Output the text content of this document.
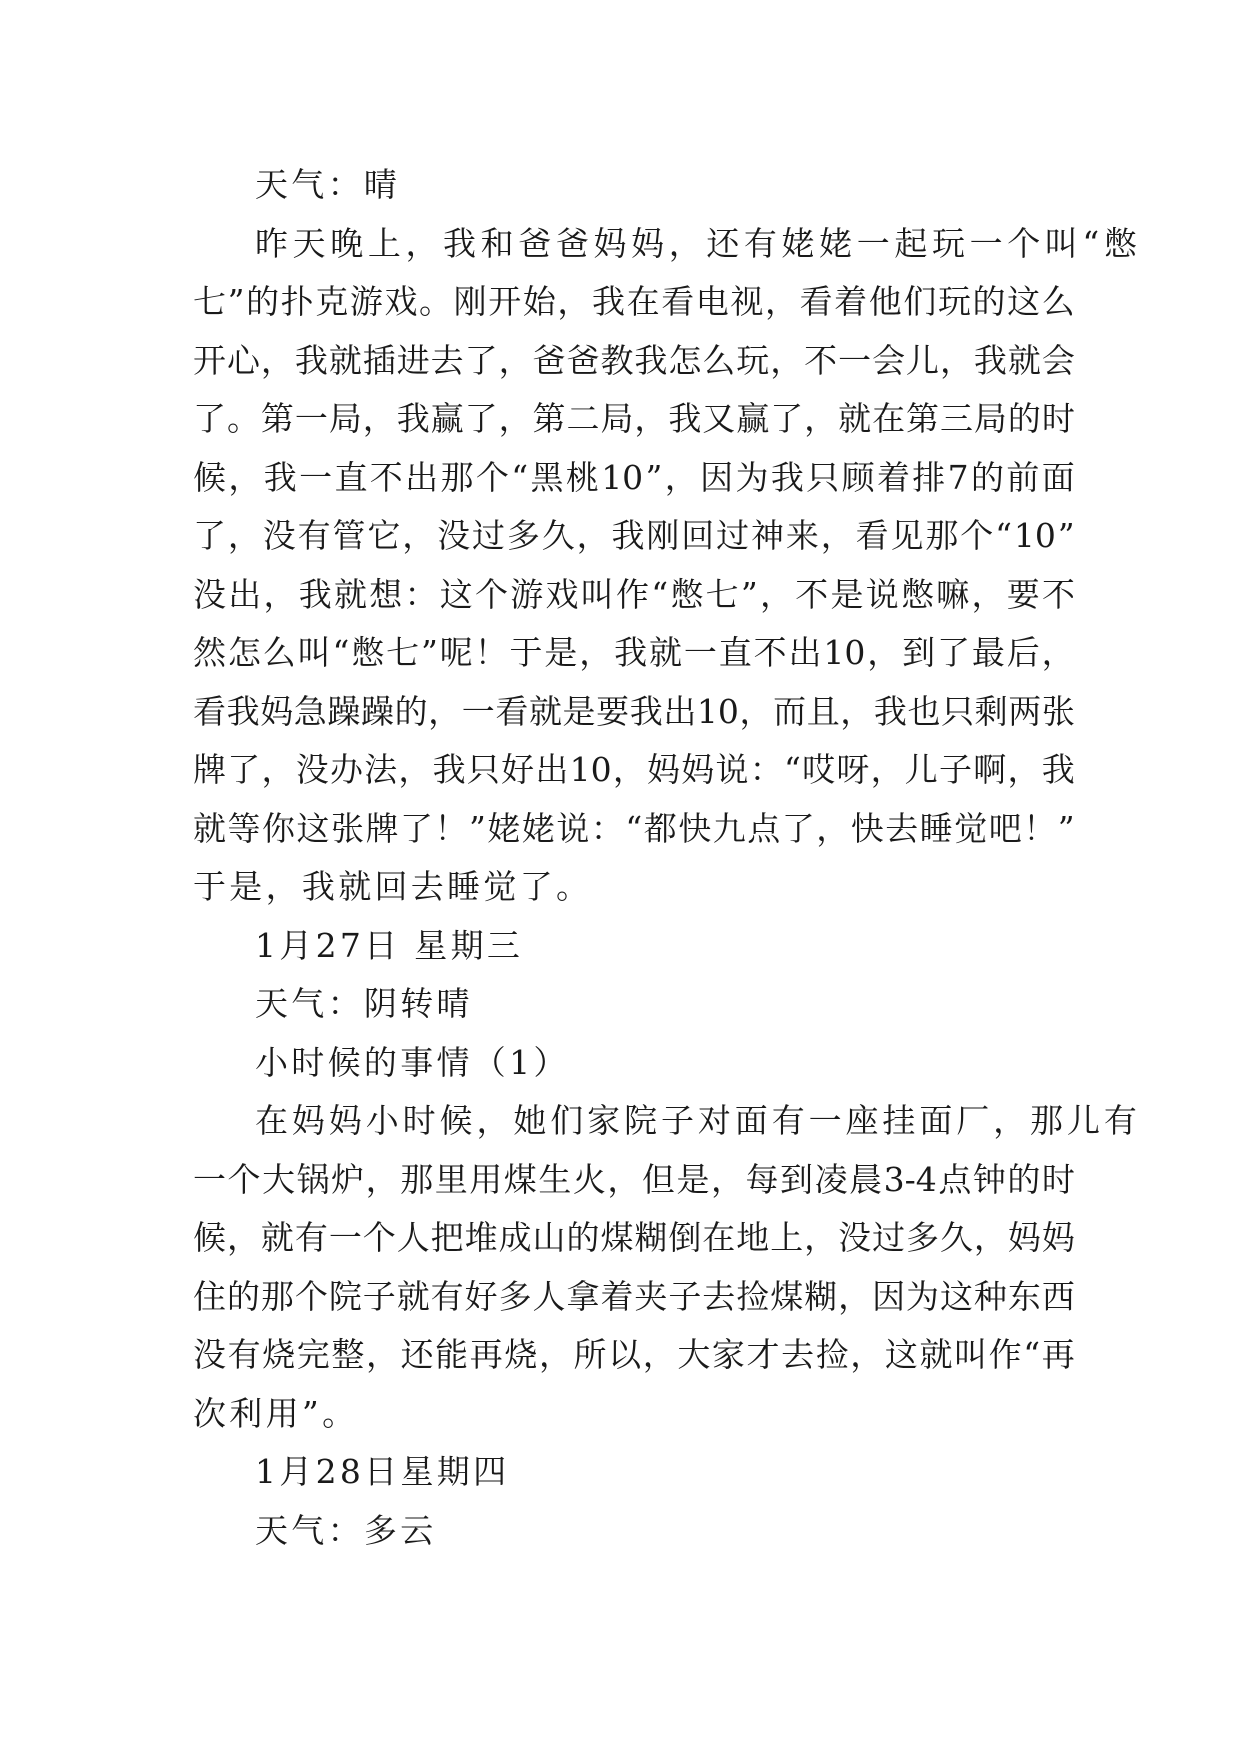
天气：晴
昨 天 晚 上 ， 我 和 爸 爸 妈 妈 ， 还 有 姥 姥 一 起 玩 一 个 叫 “ 憋
七 ” 的 扑 克 游 戏 。 刚 开 始 ， 我 在 看 电 视 ， 看 着 他 们 玩 的 这 么
开 心 ， 我 就 插 进 去 了 ， 爸 爸 教 我 怎 么 玩 ， 不 一 会 儿 ， 我 就 会
了 。 第 一 局 ， 我 赢 了 ， 第 二 局 ， 我 又 赢 了 ， 就 在 第 三 局 的 时
候 ， 我 一 直 不 出 那 个 “ 黑 桃 10 ” ， 因 为 我 只 顾 着 排 7 的 前 面
了 ， 没 有 管 它 ， 没 过 多 久 ， 我 刚 回 过 神 来 ， 看 见 那 个 “ 10 ”
没 出 ， 我 就 想 ： 这 个 游 戏 叫 作 “ 憋 七 ” ， 不 是 说 憋 嘛 ， 要 不
然 怎 么 叫 “ 憋 七 ” 呢 ！ 于 是 ， 我 就 一 直 不 出 10 ， 到 了 最 后 ，
看 我 妈 急 躁 躁 的 ， 一 看 就 是 要 我 出 10 ， 而 且 ， 我 也 只 剩 两 张
牌 了 ， 没 办 法 ， 我 只 好 出 10 ， 妈 妈 说 ： “ 哎 呀 ， 儿 子 啊 ， 我
就 等 你 这 张 牌 了 ！ ” 姥 姥 说 ： “ 都 快 九 点 了 ， 快 去 睡 觉 吧 ！ ”
于是，我就回去睡觉了。
1月27日 星期三
天气：阴转晴
小时候的事情（1）
在 妈 妈 小 时 候 ， 她 们 家 院 子 对 面 有 一 座 挂 面 厂 ， 那 儿 有
一 个 大 锅 炉 ， 那 里 用 煤 生 火 ， 但 是 ， 每 到 凌 晨 3-4 点 钟 的 时
候 ， 就 有 一 个 人 把 堆 成 山 的 煤 糊 倒 在 地 上 ， 没 过 多 久 ， 妈 妈
住 的 那 个 院 子 就 有 好 多 人 拿 着 夹 子 去 捡 煤 糊 ， 因 为 这 种 东 西
没 有 烧 完 整 ， 还 能 再 烧 ， 所 以 ， 大 家 才 去 捡 ， 这 就 叫 作 “ 再
次利用”。
1月28日星期四
天气：多云
